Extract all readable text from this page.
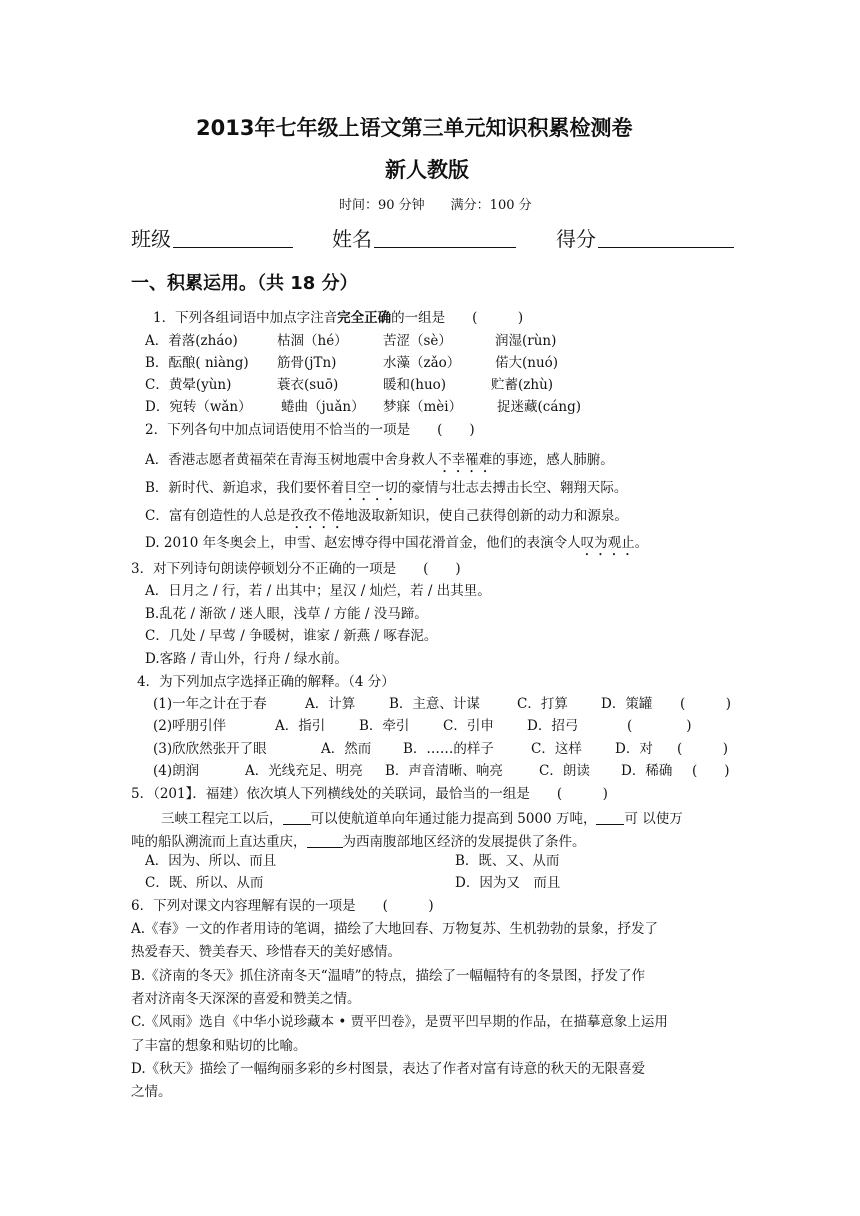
2013年七年级上语文第三单元知识积累检测卷
新人教版
时间：90 分钟　　满分：100 分
班级	姓名	得分
一、积累运用。（共 18 分）
1．下列各组词语中加点字注音完全正确的一组是　　(　　　)
A．着落(zháo)	枯涸（hé）	苦涩（sè）	润湿(rùn)
B．酝酿( niàng) 筋骨(jTn)	水藻（zǎo）	偌大(nuó)
C．黄晕(yùn)	蓑衣(suō)	暖和(huo)	贮蓄(zhù)
D．宛转（wǎn） 蜷曲（juǎn） 梦寐（mèi）	捉迷藏(cáng)
2．下列各句中加点词语使用不恰当的一项是　　(　　)
A．香港志愿者黄福荣在青海玉树地震中舍身救人不幸罹难的事迹，感人肺腑。
B．新时代、新追求，我们要怀着目空一切的豪情与壮志去搏击长空、翱翔天际。
C．富有创造性的人总是孜孜不倦地汲取新知识，使自己获得创新的动力和源泉。
D. 2010 年冬奥会上，申雪、赵宏博夺得中国花滑首金，他们的表演令人叹为观止。
3．对下列诗句朗读停顿划分不正确的一项是　　(　　)
A．日月之 / 行，若 / 出其中；星汉 / 灿烂，若 / 出其里。
B.乱花 / 渐欲 / 迷人眼，浅草 / 方能 / 没马蹄。
C．几处 / 早莺 / 争暖树，谁家 / 新燕 / 啄春泥。
D.客路 / 青山外，行舟 / 绿水前。
4．为下列加点字选择正确的解释。（4 分）
(1)一年之计在于春	A．计算	B．主意、计谋	C．打算 D．策罐 (　　　)
(2)呼朋引伴	A．指引	B．牵引 C．引申 D．招弓	(　　　　)
(3)欣欣然张开了眼	A．然而 B．……的样子	C．这样 D．对 (　　　)
(4)朗润	A．光线充足、明亮 B．声音清晰、响亮	C．朗读 D．稀确 (　　)
5．（201】．福建）依次填人下列横线处的关联词，最恰当的一组是　　(　　　)
三峡工程完工以后， 可以使航道单向年通过能力提高到 5000 万吨， 可 以使万
吨的船队溯流而上直达重庆，	为西南腹部地区经济的发展提供了条件。
A．因为、所以、而且	B．既、又、从而
C．既、所以、从而	D．因为又　而且
6．下列对课文内容理解有误的一项是　　(　　　)
A.《春》一文的作者用诗的笔调，描绘了大地回春、万物复苏、生机勃勃的景象，抒发了
热爱春天、赞美春天、珍惜春天的美好感情。
B.《济南的冬天》抓住济南冬天“温晴”的特点，描绘了一幅幅特有的冬景图，抒发了作
者对济南冬天深深的喜爱和赞美之情。
C.《风雨》选自《中华小说珍藏本 • 贾平凹卷》，是贾平凹早期的作品，在描摹意象上运用
了丰富的想象和贴切的比喻。
D.《秋天》描绘了一幅绚丽多彩的乡村图景，表达了作者对富有诗意的秋天的无限喜爱
之情。
